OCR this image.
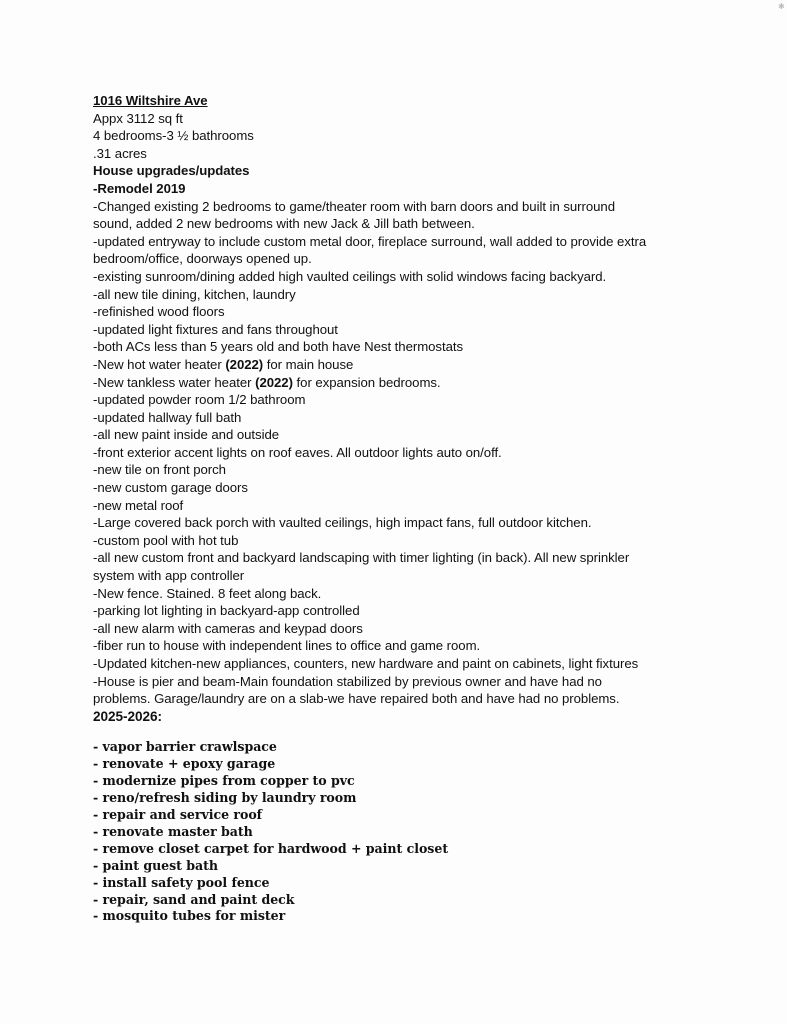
✱
1016 Wiltshire Ave
Appx 3112 sq ft
4 bedrooms-3 ½ bathrooms
.31 acres
House upgrades/updates
-Remodel 2019
-Changed existing 2 bedrooms to game/theater room with barn doors and built in surround
sound, added 2 new bedrooms with new Jack & Jill bath between.
-updated entryway to include custom metal door, fireplace surround, wall added to provide extra
bedroom/office, doorways opened up.
-existing sunroom/dining added high vaulted ceilings with solid windows facing backyard.
-all new tile dining, kitchen, laundry
-refinished wood floors
-updated light fixtures and fans throughout
-both ACs less than 5 years old and both have Nest thermostats
-New hot water heater (2022) for main house
-New tankless water heater (2022) for expansion bedrooms.
-updated powder room 1/2 bathroom
-updated hallway full bath
-all new paint inside and outside
-front exterior accent lights on roof eaves. All outdoor lights auto on/off.
-new tile on front porch
-new custom garage doors
-new metal roof
-Large covered back porch with vaulted ceilings, high impact fans, full outdoor kitchen.
-custom pool with hot tub
-all new custom front and backyard landscaping with timer lighting (in back). All new sprinkler
system with app controller
-New fence. Stained. 8 feet along back.
-parking lot lighting in backyard-app controlled
-all new alarm with cameras and keypad doors
-fiber run to house with independent lines to office and game room.
-Updated kitchen-new appliances, counters, new hardware and paint on cabinets, light fixtures
-House is pier and beam-Main foundation stabilized by previous owner and have had no
problems. Garage/laundry are on a slab-we have repaired both and have had no problems.
2025-2026:
- vapor barrier crawlspace
- renovate + epoxy garage
- modernize pipes from copper to pvc
- reno/refresh siding by laundry room
- repair and service roof
- renovate master bath
- remove closet carpet for hardwood + paint closet
- paint guest bath
- install safety pool fence
- repair, sand and paint deck
- mosquito tubes for mister
